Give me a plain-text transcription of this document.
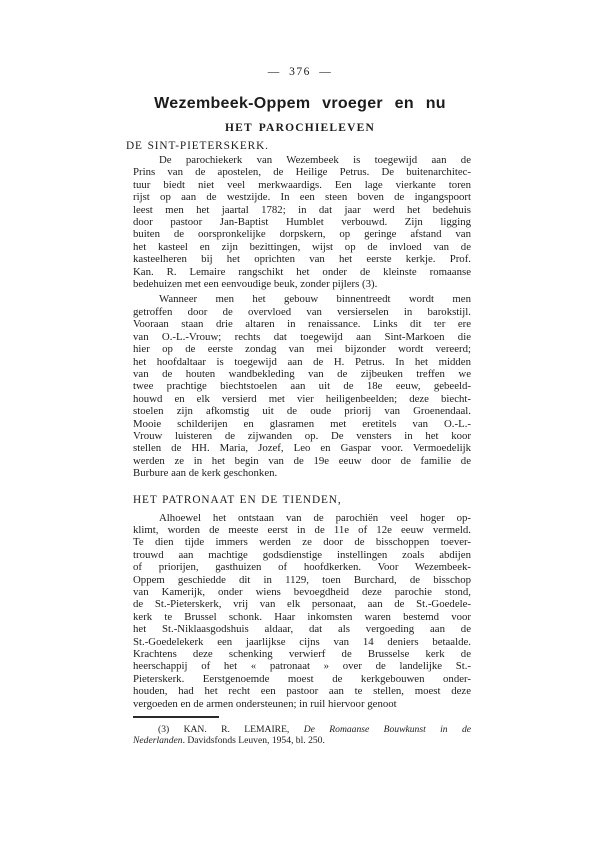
— 376 —
Wezembeek-Oppem vroeger en nu
HET PAROCHIELEVEN
DE SINT-PIETERSKERK.
De parochiekerk van Wezembeek is toegewijd aan de
Prins van de apostelen, de Heilige Petrus. De buitenarchitec-
tuur biedt niet veel merkwaardigs. Een lage vierkante toren
rijst op aan de westzijde. In een steen boven de ingangspoort
leest men het jaartal 1782; in dat jaar werd het bedehuis
door pastoor Jan-Baptist Humblet verbouwd. Zijn ligging
buiten de oorspronkelijke dorpskern, op geringe afstand van
het kasteel en zijn bezittingen, wijst op de invloed van de
kasteelheren bij het oprichten van het eerste kerkje. Prof.
Kan. R. Lemaire rangschikt het onder de kleinste romaanse
bedehuizen met een eenvoudige beuk, zonder pijlers (3).
Wanneer men het gebouw binnentreedt wordt men
getroffen door de overvloed van versierselen in barokstijl.
Vooraan staan drie altaren in renaissance. Links dit ter ere
van O.-L.-Vrouw; rechts dat toegewijd aan Sint-Markoen die
hier op de eerste zondag van mei bijzonder wordt vereerd;
het hoofdaltaar is toegewijd aan de H. Petrus. In het midden
van de houten wandbekleding van de zijbeuken treffen we
twee prachtige biechtstoelen aan uit de 18e eeuw, gebeeld-
houwd en elk versierd met vier heiligenbeelden; deze biecht-
stoelen zijn afkomstig uit de oude priorij van Groenendaal.
Mooie schilderijen en glasramen met eretitels van O.-L.-
Vrouw luisteren de zijwanden op. De vensters in het koor
stellen de HH. Maria, Jozef, Leo en Gaspar voor. Vermoedelijk
werden ze in het begin van de 19e eeuw door de familie de
Burbure aan de kerk geschonken.
HET PATRONAAT EN DE TIENDEN,
Alhoewel het ontstaan van de parochiën veel hoger op-
klimt, worden de meeste eerst in de 11e of 12e eeuw vermeld.
Te dien tijde immers werden ze door de bisschoppen toever-
trouwd aan machtige godsdienstige instellingen zoals abdijen
of priorijen, gasthuizen of hoofdkerken. Voor Wezembeek-
Oppem geschiedde dit in 1129, toen Burchard, de bisschop
van Kamerijk, onder wiens bevoegdheid deze parochie stond,
de St.-Pieterskerk, vrij van elk personaat, aan de St.-Goedele-
kerk te Brussel schonk. Haar inkomsten waren bestemd voor
het St.-Niklaasgodshuis aldaar, dat als vergoeding aan de
St.-Goedelekerk een jaarlijkse cijns van 14 deniers betaalde.
Krachtens deze schenking verwierf de Brusselse kerk de
heerschappij of het « patronaat » over de landelijke St.-
Pieterskerk. Eerstgenoemde moest de kerkgebouwen onder-
houden, had het recht een pastoor aan te stellen, moest deze
vergoeden en de armen ondersteunen; in ruil hiervoor genoot
(3) KAN. R. LEMAIRE, De Romaanse Bouwkunst in de
Nederlanden. Davidsfonds Leuven, 1954, bl. 250.
